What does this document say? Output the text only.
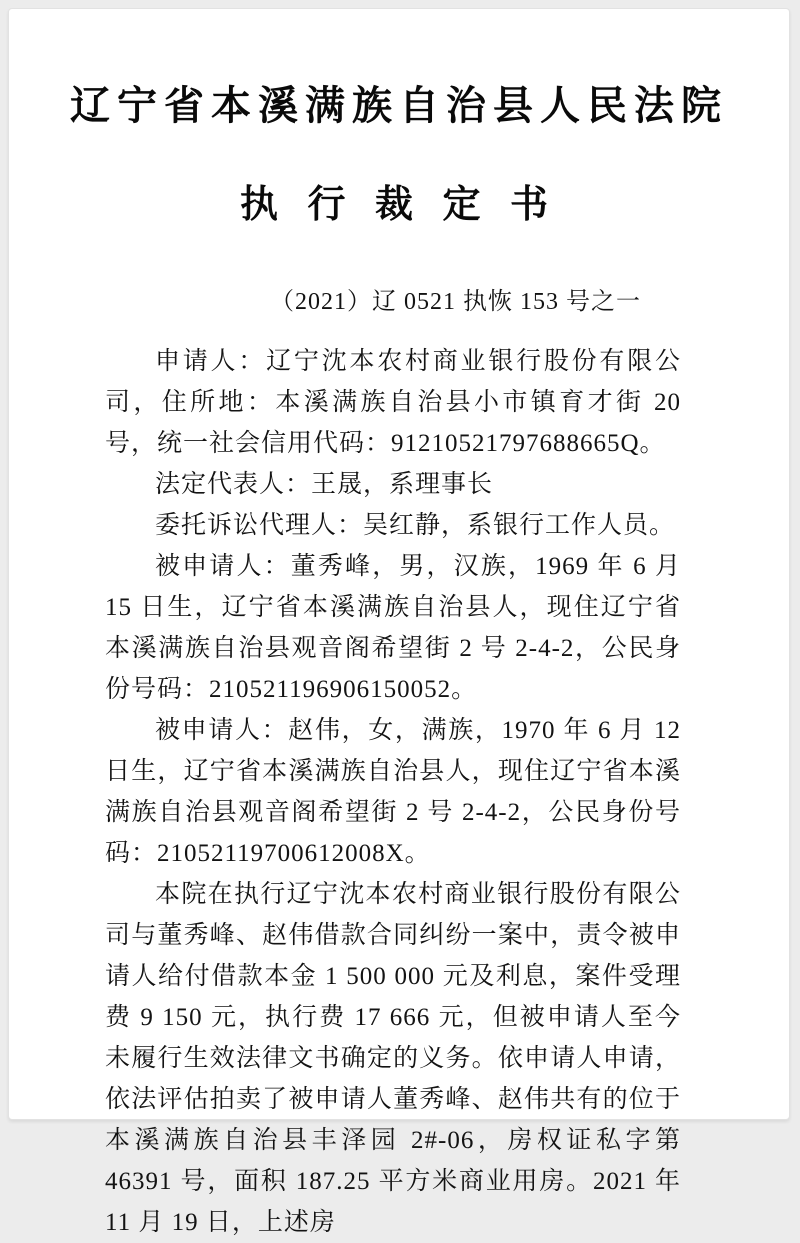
辽宁省本溪满族自治县人民法院
执 行 裁 定 书
（2021）辽 0521 执恢 153 号之一

申请人：辽宁沈本农村商业银行股份有限公司，住所地：本溪满族自治县小市镇育才街 20 号，统一社会信用代码：91210521797688665Q。

法定代表人：王晟，系理事长

委托诉讼代理人：吴红静，系银行工作人员。

被申请人：董秀峰，男，汉族，1969 年 6 月 15 日生，辽宁省本溪满族自治县人，现住辽宁省本溪满族自治县观音阁希望街 2 号 2-4-2，公民身份号码：210521196906150052。

被申请人：赵伟，女，满族，1970 年 6 月 12 日生，辽宁省本溪满族自治县人，现住辽宁省本溪满族自治县观音阁希望街 2 号 2-4-2，公民身份号码：21052119700612008X。

本院在执行辽宁沈本农村商业银行股份有限公司与董秀峰、赵伟借款合同纠纷一案中，责令被申请人给付借款本金 1 500 000 元及利息，案件受理费 9 150 元，执行费 17 666 元，但被申请人至今未履行生效法律文书确定的义务。依申请人申请，依法评估拍卖了被申请人董秀峰、赵伟共有的位于本溪满族自治县丰泽园 2#-06，房权证私字第 46391 号，面积 187.25 平方米商业用房。2021 年 11 月 19 日，上述房
